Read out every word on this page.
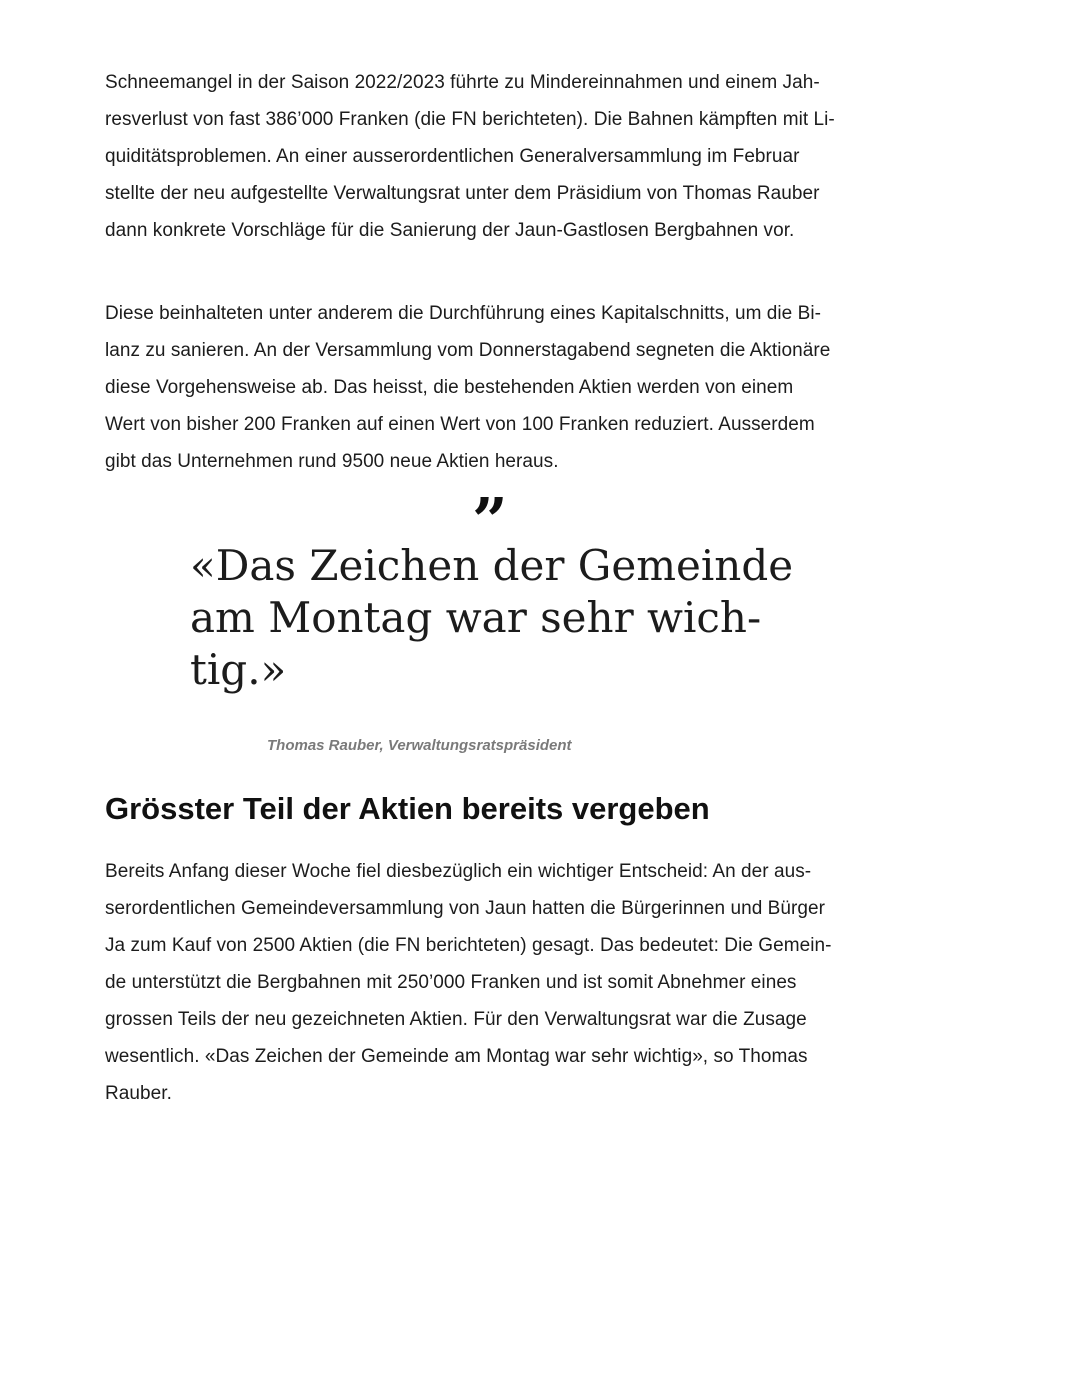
Schneemangel in der Saison 2022/2023 führte zu Mindereinnahmen und einem Jah-
resverlust von fast 386’000 Franken (die FN berichteten). Die Bahnen kämpften mit Li-
quiditätsproblemen. An einer ausserordentlichen Generalversammlung im Februar
stellte der neu aufgestellte Verwaltungsrat unter dem Präsidium von Thomas Rauber
dann konkrete Vorschläge für die Sanierung der Jaun-Gastlosen Bergbahnen vor.
Diese beinhalteten unter anderem die Durchführung eines Kapitalschnitts, um die Bi-
lanz zu sanieren. An der Versammlung vom Donnerstagabend segneten die Aktionäre
diese Vorgehensweise ab. Das heisst, die bestehenden Aktien werden von einem
Wert von bisher 200 Franken auf einen Wert von 100 Franken reduziert. Ausserdem
gibt das Unternehmen rund 9500 neue Aktien heraus.
”
«Das Zeichen der Gemeinde
am Montag war sehr wich-
tig.»
Thomas Rauber, Verwaltungsratspräsident
Grösster Teil der Aktien bereits vergeben
Bereits Anfang dieser Woche fiel diesbezüglich ein wichtiger Entscheid: An der aus-
serordentlichen Gemeindeversammlung von Jaun hatten die Bürgerinnen und Bürger
Ja zum Kauf von 2500 Aktien (die FN berichteten) gesagt. Das bedeutet: Die Gemein-
de unterstützt die Bergbahnen mit 250’000 Franken und ist somit Abnehmer eines
grossen Teils der neu gezeichneten Aktien. Für den Verwaltungsrat war die Zusage
wesentlich. «Das Zeichen der Gemeinde am Montag war sehr wichtig», so Thomas
Rauber.
